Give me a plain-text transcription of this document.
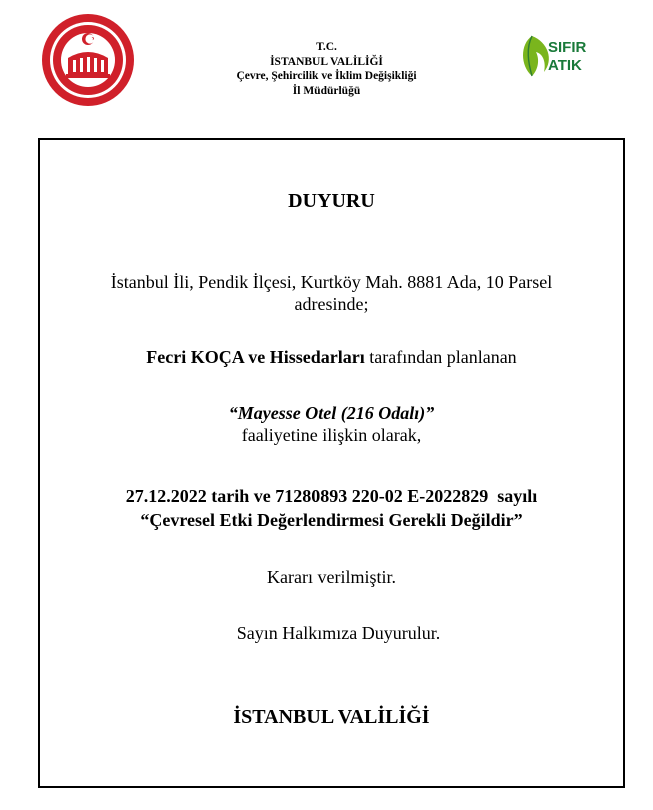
T.C.
İSTANBUL VALİLİĞİ
Çevre, Şehircilik ve İklim Değişikliği
İl Müdürlüğü
SIFIR
ATIK
DUYURU
İstanbul İli, Pendik İlçesi, Kurtköy Mah. 8881 Ada, 10 Parsel
adresinde;
Fecri KOÇA ve Hissedarları tarafından planlanan
“Mayesse Otel (216 Odalı)”
faaliyetine ilişkin olarak,
27.12.2022 tarih ve 71280893 220-02 E-2022829  sayılı
“Çevresel Etki Değerlendirmesi Gerekli Değildir”
Kararı verilmiştir.
Sayın Halkımıza Duyurulur.
İSTANBUL VALİLİĞİ
